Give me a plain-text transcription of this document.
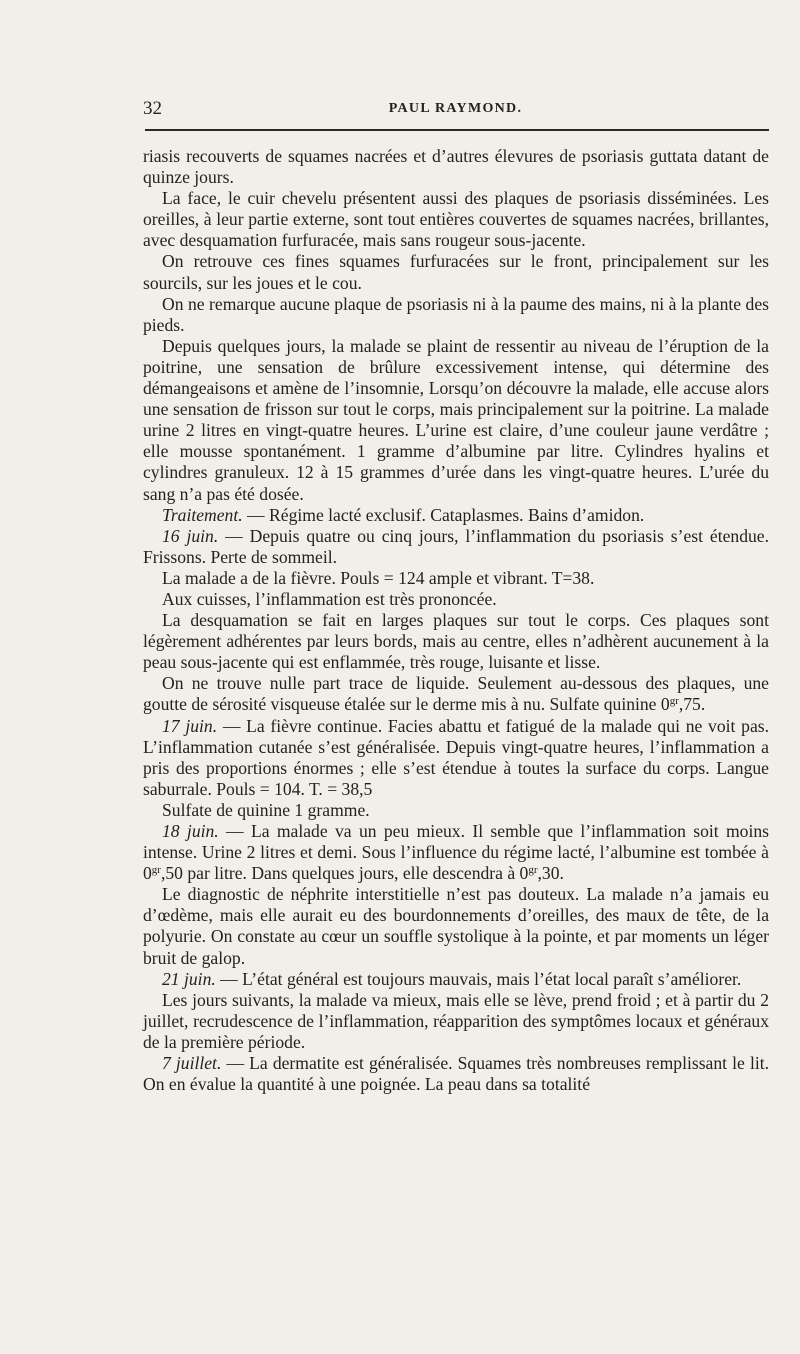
32	PAUL RAYMOND.

riasis recouverts de squames nacrées et d’autres élevures de psoriasis guttata datant de quinze jours.

La face, le cuir chevelu présentent aussi des plaques de psoriasis disséminées. Les oreilles, à leur partie externe, sont tout entières couvertes de squames nacrées, brillantes, avec desquamation furfuracée, mais sans rougeur sous-jacente.

On retrouve ces fines squames furfuracées sur le front, principalement sur les sourcils, sur les joues et le cou.

On ne remarque aucune plaque de psoriasis ni à la paume des mains, ni à la plante des pieds.

Depuis quelques jours, la malade se plaint de ressentir au niveau de l’éruption de la poitrine, une sensation de brûlure excessivement intense, qui détermine des démangeaisons et amène de l’insomnie, Lorsqu’on découvre la malade, elle accuse alors une sensation de frisson sur tout le corps, mais principalement sur la poitrine. La malade urine 2 litres en vingt-quatre heures. L’urine est claire, d’une couleur jaune verdâtre ; elle mousse spontanément. 1 gramme d’albumine par litre. Cylindres hyalins et cylindres granuleux. 12 à 15 grammes d’urée dans les vingt-quatre heures. L’urée du sang n’a pas été dosée.

Traitement. — Régime lacté exclusif. Cataplasmes. Bains d’amidon.

16 juin. — Depuis quatre ou cinq jours, l’inflammation du psoriasis s’est étendue. Frissons. Perte de sommeil.

La malade a de la fièvre. Pouls = 124 ample et vibrant. T=38.

Aux cuisses, l’inflammation est très prononcée.

La desquamation se fait en larges plaques sur tout le corps. Ces plaques sont légèrement adhérentes par leurs bords, mais au centre, elles n’adhèrent aucunement à la peau sous-jacente qui est enflammée, très rouge, luisante et lisse.

On ne trouve nulle part trace de liquide. Seulement au-dessous des plaques, une goutte de sérosité visqueuse étalée sur le derme mis à nu. Sulfate quinine $0^{gr},75$.

17 juin. — La fièvre continue. Facies abattu et fatigué de la malade qui ne voit pas. L’inflammation cutanée s’est généralisée. Depuis vingt-quatre heures, l’inflammation a pris des proportions énormes ; elle s’est étendue à toutes la surface du corps. Langue saburrale. Pouls = 104. T. = 38,5

Sulfate de quinine 1 gramme.

18 juin. — La malade va un peu mieux. Il semble que l’inflammation soit moins intense. Urine 2 litres et demi. Sous l’influence du régime lacté, l’albumine est tombée à $0^{gr},50$ par litre. Dans quelques jours, elle descendra à $0^{gr},30$.

Le diagnostic de néphrite interstitielle n’est pas douteux. La malade n’a jamais eu d’œdème, mais elle aurait eu des bourdonnements d’oreilles, des maux de tête, de la polyurie. On constate au cœur un souffle systolique à la pointe, et par moments un léger bruit de galop.

21 juin. — L’état général est toujours mauvais, mais l’état local paraît s’améliorer.

Les jours suivants, la malade va mieux, mais elle se lève, prend froid ; et à partir du 2 juillet, recrudescence de l’inflammation, réapparition des symptômes locaux et généraux de la première période.

7 juillet. — La dermatite est généralisée. Squames très nombreuses remplissant le lit. On en évalue la quantité à une poignée. La peau dans sa totalité
